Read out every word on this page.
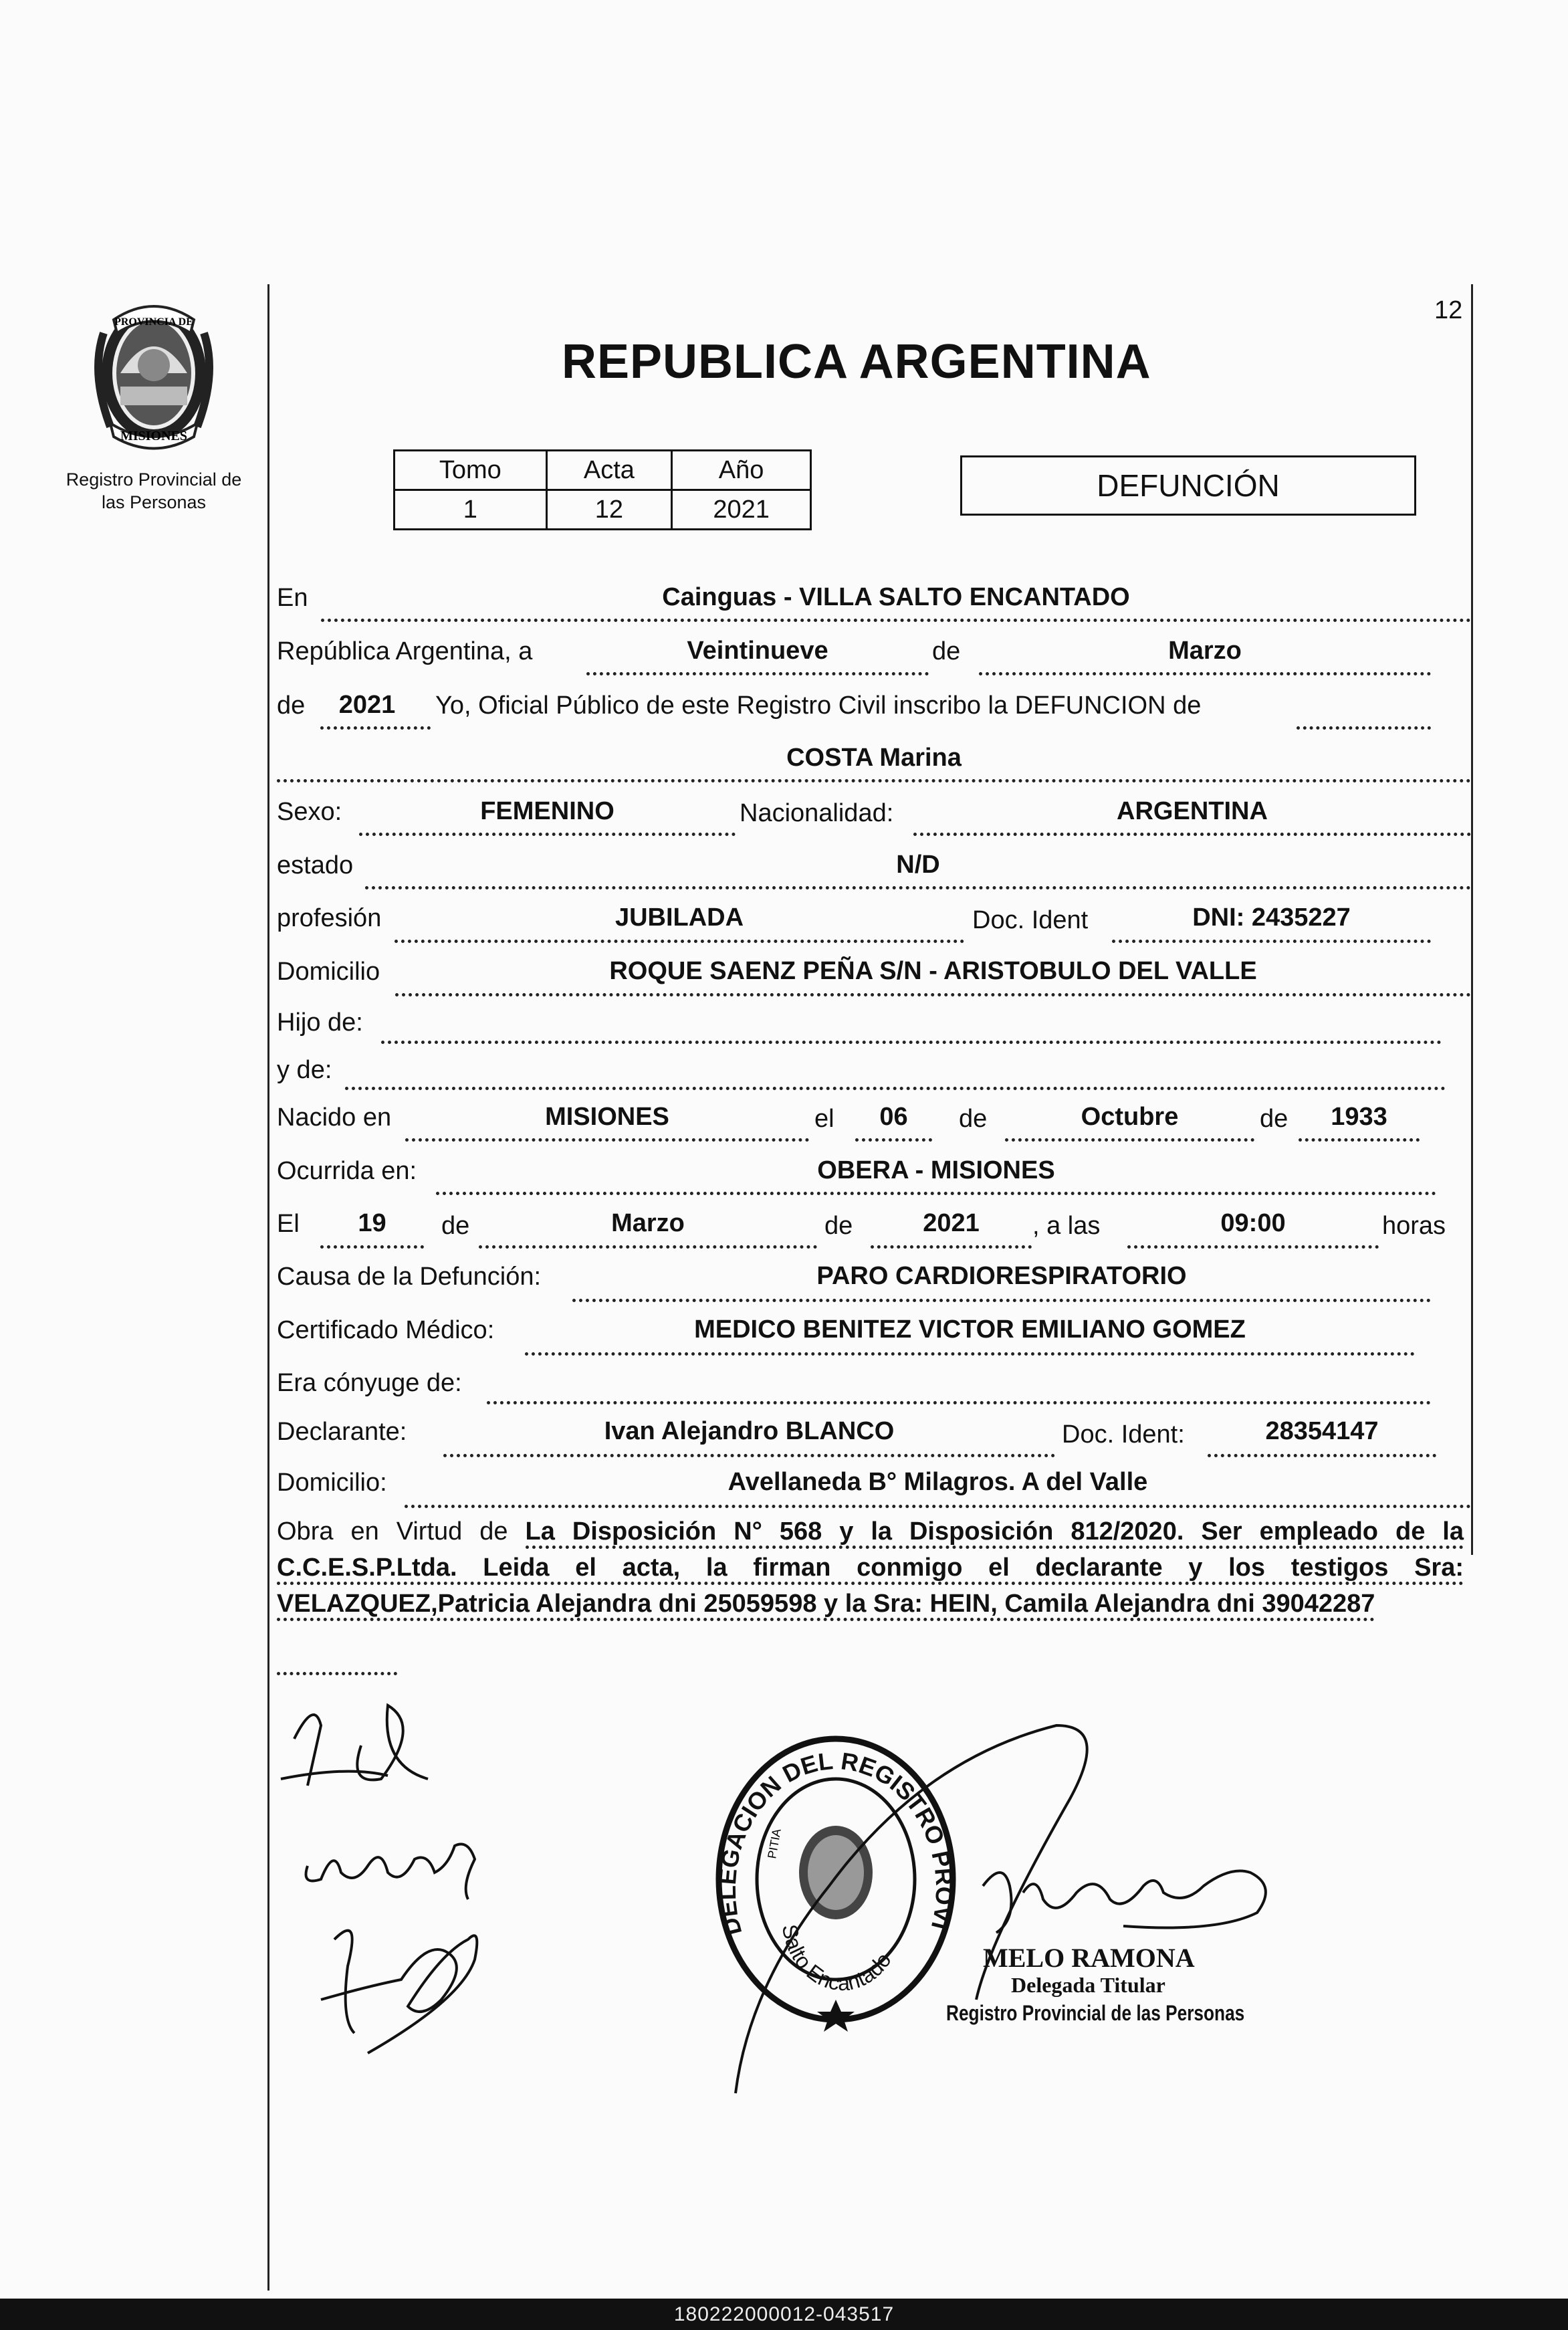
12
PROVINCIA DE
MISIONES
Registro Provincial de
las Personas
REPUBLICA ARGENTINA
Tomo	Acta	Año
1	12	2021
DEFUNCIÓN
En	Cainguas - VILLA SALTO ENCANTADO
República Argentina, a	Veintinueve	de	Marzo
de	2021	Yo, Oficial Público de este Registro Civil inscribo la DEFUNCION de
COSTA Marina
Sexo:	FEMENINO	Nacionalidad:	ARGENTINA
estado	N/D
profesión	JUBILADA	Doc. Ident	DNI: 2435227
Domicilio	ROQUE SAENZ PEÑA S/N - ARISTOBULO DEL VALLE
Hijo de:
y de:
Nacido en	MISIONES	el	06	de	Octubre	de	1933
Ocurrida en:	OBERA - MISIONES
El	19	de	Marzo	de	2021	, a las	09:00	horas
Causa de la Defunción:	PARO CARDIORESPIRATORIO
Certificado Médico:	MEDICO BENITEZ VICTOR EMILIANO GOMEZ
Era cónyuge de:
Declarante:	Ivan Alejandro BLANCO	Doc. Ident:	28354147
Domicilio:	Avellaneda B° Milagros. A del Valle
Obra en Virtud de La Disposición N° 568 y la Disposición 812/2020. Ser empleado de la C.C.E.S.P.Ltda. Leida el acta, la firman conmigo el declarante y los testigos Sra: VELAZQUEZ,Patricia Alejandra dni 25059598 y la Sra: HEIN, Camila Alejandra dni 39042287
DELEGACION DEL REGISTRO PROVI
Salto Encantado
PITIA
MELO RAMONA
Delegada Titular
Registro Provincial de las Personas
180222000012-043517
